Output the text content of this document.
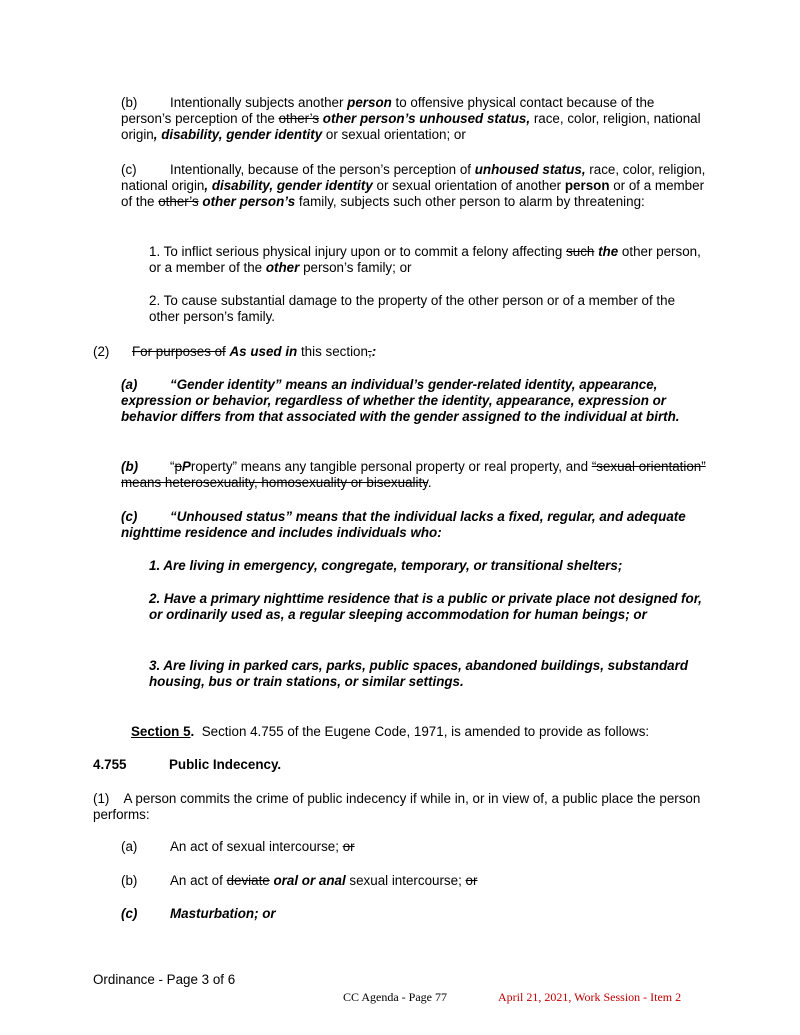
(b) Intentionally subjects another person to offensive physical contact because of the person’s perception of the other’s other person’s unhoused status, race, color, religion, national origin, disability, gender identity or sexual orientation; or
(c) Intentionally, because of the person’s perception of unhoused status, race, color, religion, national origin, disability, gender identity or sexual orientation of another person or of a member of the other’s other person’s family, subjects such other person to alarm by threatening:
1. To inflict serious physical injury upon or to commit a felony affecting such the other person, or a member of the other person’s family; or
2. To cause substantial damage to the property of the other person or of a member of the other person’s family.
(2) For purposes of As used in this section,:
(a) “Gender identity” means an individual’s gender-related identity, appearance, expression or behavior, regardless of whether the identity, appearance, expression or behavior differs from that associated with the gender assigned to the individual at birth.
(b) “pProperty” means any tangible personal property or real property, and “sexual orientation” means heterosexuality, homosexuality or bisexuality.
(c) “Unhoused status” means that the individual lacks a fixed, regular, and adequate nighttime residence and includes individuals who:
1. Are living in emergency, congregate, temporary, or transitional shelters;
2. Have a primary nighttime residence that is a public or private place not designed for, or ordinarily used as, a regular sleeping accommodation for human beings; or
3. Are living in parked cars, parks, public spaces, abandoned buildings, substandard housing, bus or train stations, or similar settings.
Section 5.  Section 4.755 of the Eugene Code, 1971, is amended to provide as follows:
4.755	Public Indecency.
(1)    A person commits the crime of public indecency if while in, or in view of, a public place the person performs:
(a) An act of sexual intercourse; or
(b) An act of deviate oral or anal sexual intercourse; or
(c) Masturbation; or
Ordinance - Page 3 of 6
CC Agenda - Page 77	April 21, 2021, Work Session - Item 2
